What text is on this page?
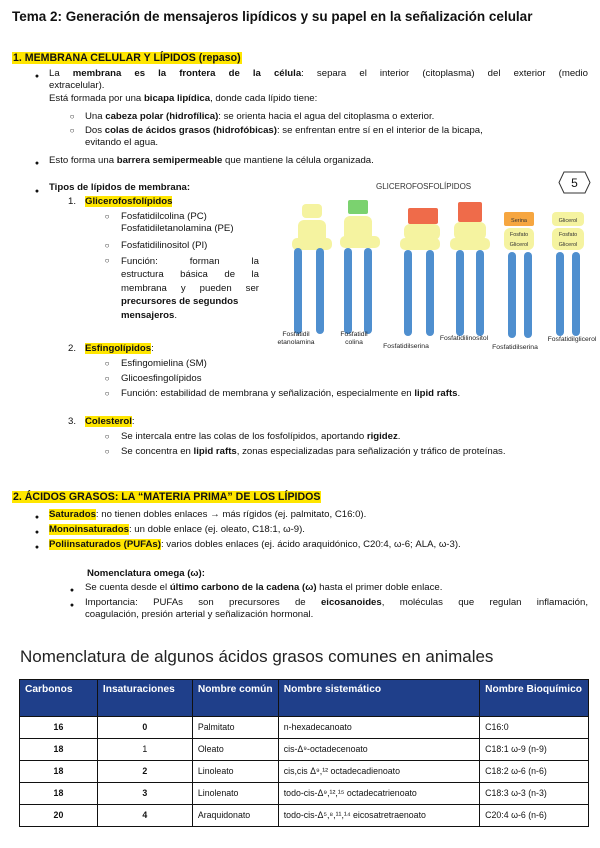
Tema 2: Generación de mensajeros lipídicos y su papel en la señalización celular
1. MEMBRANA CELULAR Y LÍPIDOS (repaso)
●
La membrana es la frontera de la célula: separa el interior (citoplasma) del exterior (medio
extracelular).
Está formada por una bicapa lipídica, donde cada lípido tiene:
○
Una cabeza polar (hidrofílica): se orienta hacia el agua del citoplasma o exterior.
○
Dos colas de ácidos grasos (hidrofóbicas): se enfrentan entre sí en el interior de la bicapa,
evitando el agua.
●
Esto forma una barrera semipermeable que mantiene la célula organizada.
●
Tipos de lípidos de membrana:
1. Glicerofosfolípidos
○
Fosfatidilcolina (PC)
Fosfatidiletanolamina (PE)
○
Fosfatidilinositol (PI)
○
Función: forman la
estructura básica de la
membrana y pueden ser
precursores de segundos
mensajeros.
2. Esfingolípidos:
○
Esfingomielina (SM)
○
Glicoesfingolípidos
○
Función: estabilidad de membrana y señalización, especialmente en lipid rafts.
3. Colesterol:
○
Se intercala entre las colas de los fosfolípidos, aportando rigidez.
○
Se concentra en lipid rafts, zonas especializadas para señalización y tráfico de proteínas.
5
GLICEROFOSFOLÍPIDOS
Serina
Fosfato
Glicerol
Glicerol
Fosfato
Glicerol
Fosfatidil etanolamina
Fosfatidil colina
Fosfatidilserina
Fosfatidilinositol
Fosfatidilserina
Fosfatidilglicerol
2. ÁCIDOS GRASOS: LA “MATERIA PRIMA” DE LOS LÍPIDOS
●
Saturados: no tienen dobles enlaces → más rígidos (ej. palmitato, C16:0).
●
Monoinsaturados: un doble enlace (ej. oleato, C18:1, ω-9).
●
Poliinsaturados (PUFAs): varios dobles enlaces (ej. ácido araquidónico, C20:4, ω-6; ALA, ω-3).
Nomenclatura omega (ω):
●
Se cuenta desde el último carbono de la cadena (ω) hasta el primer doble enlace.
●
Importancia: PUFAs son precursores de eicosanoides, moléculas que regulan inflamación,
coagulación, presión arterial y señalización hormonal.
Nomenclatura de algunos ácidos grasos comunes en animales
Carbonos	Insaturaciones	Nombre común	Nombre sistemático	Nombre Bioquímico
16	0	Palmitato	n-hexadecanoato	C16:0
18	1	Oleato	cis-Δ⁹-octadecenoato	C18:1 ω-9 (n-9)
18	2	Linoleato	cis,cis Δ⁹,¹² octadecadienoato	C18:2 ω-6 (n-6)
18	3	Linolenato	todo-cis-Δ⁹,¹²,¹⁵ octadecatrienoato	C18:3 ω-3 (n-3)
20	4	Araquidonato	todo-cis-Δ⁵,⁸,¹¹,¹⁴ eicosatretraenoato	C20:4 ω-6 (n-6)
